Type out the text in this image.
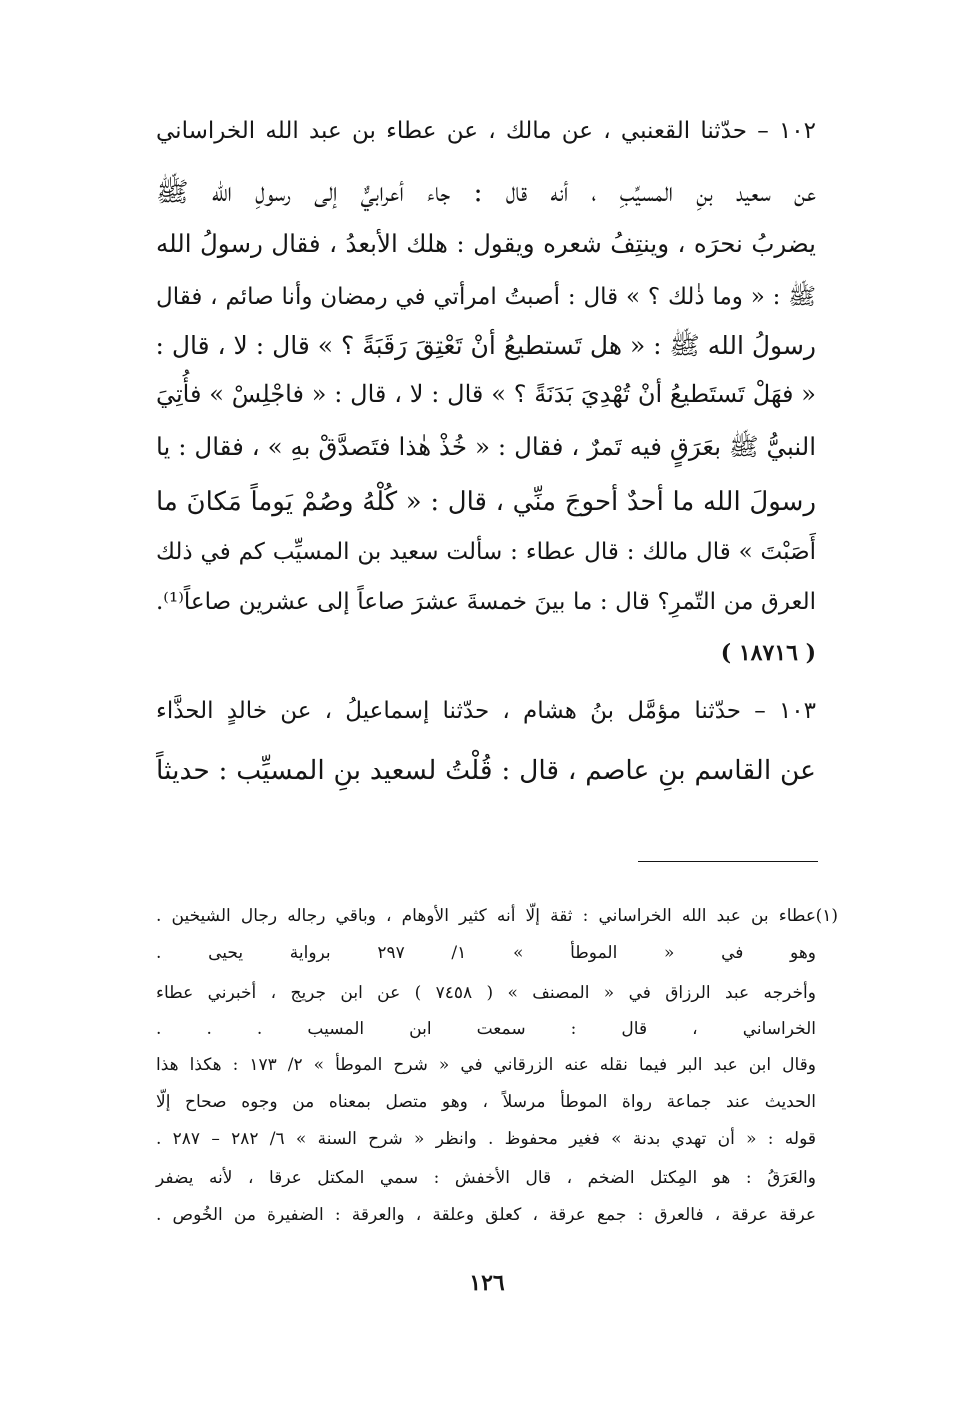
١٠٢ – حدّثنا القعنبي ، عن مالك ، عن عطاء بن عبد الله الخراساني
عن سعيد بنِ المسيِّبِ ، أنه قال : جاء أعرابيٌّ إلى رسولِ الله ﷺ
يضربُ نحرَه ، وينتِفُ شعره ويقول : هلك الأبعدُ ، فقال رسولُ الله
ﷺ : « وما ذٰلك ؟ » قال : أصبتُ امرأتي في رمضان وأنا صائم ، فقال
رسولُ الله ﷺ : « هل تَستطيعُ أنْ تَعْتِقَ رَقَبَةً ؟ » قال : لا ، قال :
« فهَلْ تَستَطيعُ أنْ تُهْدِيَ بَدَنَةً ؟ » قال : لا ، قال : « فاجْلِسْ » فأُتِيَ
النبيُّ ﷺ بعَرَقٍ فيه تَمرٌ ، فقال : « خُذْ هٰذا فتَصدَّقْ بهِ » ، فقال : يا
رسولَ الله ما أحدٌ أحوجَ منِّي ، قال : « كُلْهُ وصُمْ يَوماً مَكانَ ما
أَصَبْتَ » قال مالك : قال عطاء : سألت سعيد بن المسيِّب كم في ذلك
العرق من التّمرِ؟ قال : ما بينَ خمسةَ عشرَ صاعاً إلى عشرين صاعاً⁽¹⁾.
( ١٨٧١٦ )
١٠٣ – حدّثنا مؤمَّل بنُ هشام ، حدّثنا إسماعيلُ ، عن خالدٍ الحذَّاء
عن القاسم بنِ عاصم ، قال : قُلْتُ لسعيد بنِ المسيِّب : حديثاً
(١)
عطاء بن عبد الله الخراساني : ثقة إلّا أنه كثير الأوهام ، وباقي رجاله رجال الشيخين .
وهو في « الموطأ » ١/ ٢٩٧ برواية يحيى .
وأخرجه عبد الرزاق في « المصنف » ( ٧٤٥٨ ) عن ابن جريج ، أخبرني عطاء
الخراساني ، قال : سمعت ابن المسيب . . .
وقال ابن عبد البر فيما نقله عنه الزرقاني في « شرح الموطأ » ٢/ ١٧٣ : هكذا هذا
الحديث عند جماعة رواة الموطأ مرسلاً ، وهو متصل بمعناه من وجوه صحاح إلّا
قوله : « أن تهدي بدنة » فغير محفوظ . وانظر « شرح السنة » ٦/ ٢٨٢ – ٢٨٧ .
والعَرَقُ : هو المِكتل الضخم ، قال الأخفش : سمي المكتل عرقا ، لأنه يضفر
عرقة عرقة ، فالعرق : جمع عرقة ، كعلق وعلقة ، والعرقة : الضفيرة من الخُوص .
١٢٦
